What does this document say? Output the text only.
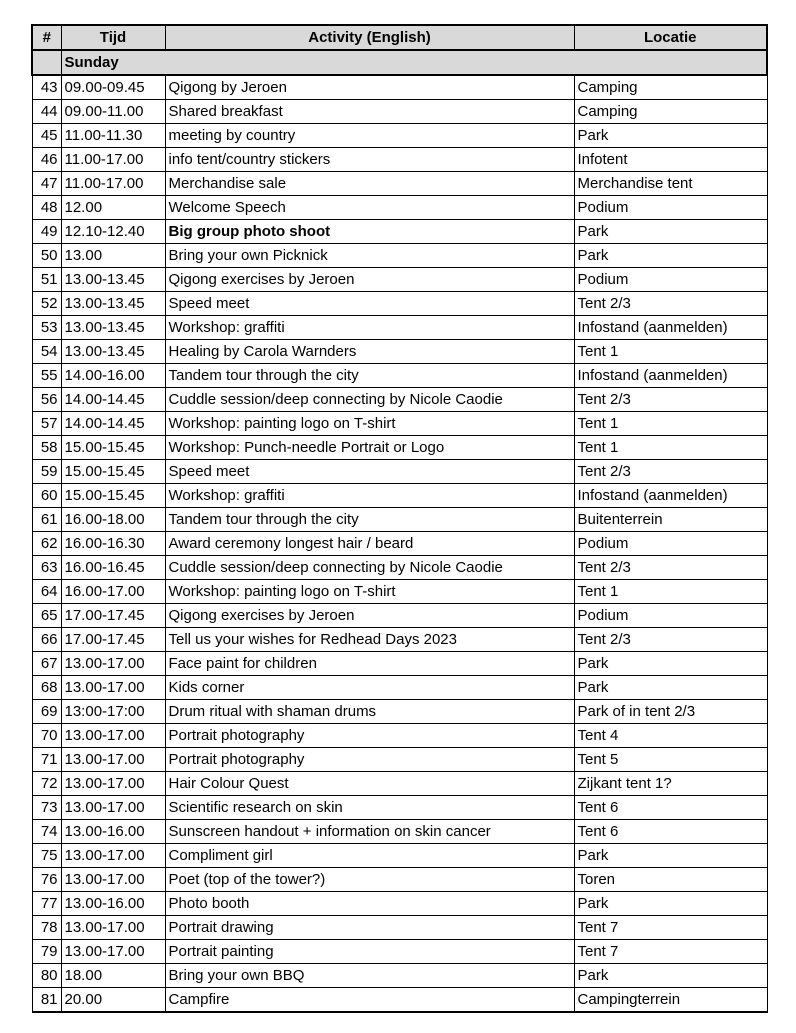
#	Tijd	Activity (English)	Locatie
	Sunday		
43	09.00-09.45	Qigong by Jeroen	Camping
44	09.00-11.00	Shared breakfast	Camping
45	11.00-11.30	meeting by country	Park
46	11.00-17.00	info tent/country stickers	Infotent
47	11.00-17.00	Merchandise sale	Merchandise tent
48	12.00	Welcome Speech	Podium
49	12.10-12.40	Big group photo shoot	Park
50	13.00	Bring your own Picknick	Park
51	13.00-13.45	Qigong exercises by Jeroen	Podium
52	13.00-13.45	Speed meet	Tent 2/3
53	13.00-13.45	Workshop: graffiti	Infostand (aanmelden)
54	13.00-13.45	Healing by Carola Warnders	Tent 1
55	14.00-16.00	Tandem tour through the city	Infostand (aanmelden)
56	14.00-14.45	Cuddle session/deep connecting by Nicole Caodie	Tent 2/3
57	14.00-14.45	Workshop: painting logo on T-shirt	Tent 1
58	15.00-15.45	Workshop: Punch-needle Portrait or Logo	Tent 1
59	15.00-15.45	Speed meet	Tent 2/3
60	15.00-15.45	Workshop: graffiti	Infostand (aanmelden)
61	16.00-18.00	Tandem tour through the city	Buitenterrein
62	16.00-16.30	Award ceremony longest hair / beard	Podium
63	16.00-16.45	Cuddle session/deep connecting by Nicole Caodie	Tent 2/3
64	16.00-17.00	Workshop: painting logo on T-shirt	Tent 1
65	17.00-17.45	Qigong exercises by Jeroen	Podium
66	17.00-17.45	Tell us your wishes for Redhead Days 2023	Tent 2/3
67	13.00-17.00	Face paint for children	Park
68	13.00-17.00	Kids corner	Park
69	13:00-17:00	Drum ritual with shaman drums	Park of in tent 2/3
70	13.00-17.00	Portrait photography	Tent 4
71	13.00-17.00	Portrait photography	Tent 5
72	13.00-17.00	Hair Colour Quest	Zijkant tent 1?
73	13.00-17.00	Scientific research on skin	Tent 6
74	13.00-16.00	Sunscreen handout + information on skin cancer	Tent 6
75	13.00-17.00	Compliment girl	Park
76	13.00-17.00	Poet (top of the tower?)	Toren
77	13.00-16.00	Photo booth	Park
78	13.00-17.00	Portrait drawing	Tent 7
79	13.00-17.00	Portrait painting	Tent 7
80	18.00	Bring your own BBQ	Park
81	20.00	Campfire	Campingterrein
